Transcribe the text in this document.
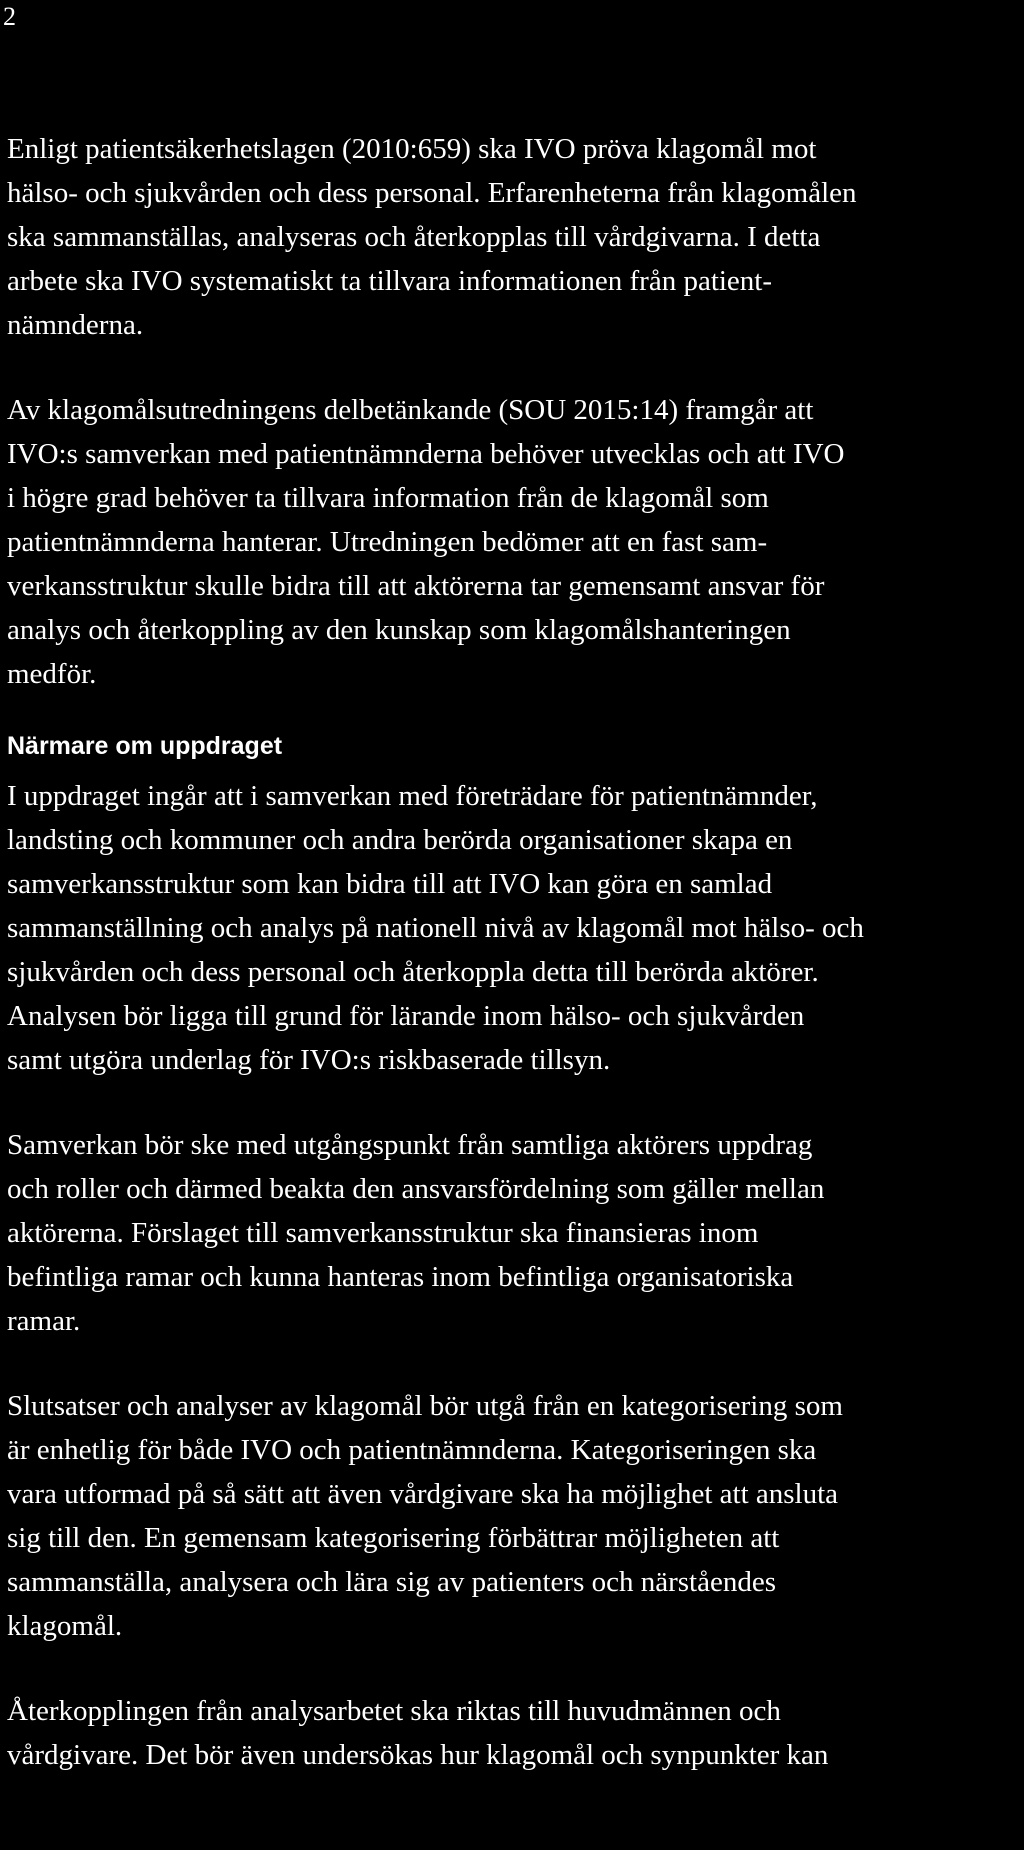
2

Enligt patientsäkerhetslagen (2010:659) ska IVO pröva klagomål mot
hälso- och sjukvården och dess personal. Erfarenheterna från klagomålen
ska sammanställas, analyseras och återkopplas till vårdgivarna. I detta
arbete ska IVO systematiskt ta tillvara informationen från patient-
nämnderna.

Av klagomålsutredningens delbetänkande (SOU 2015:14) framgår att
IVO:s samverkan med patientnämnderna behöver utvecklas och att IVO
i högre grad behöver ta tillvara information från de klagomål som
patientnämnderna hanterar. Utredningen bedömer att en fast sam-
verkansstruktur skulle bidra till att aktörerna tar gemensamt ansvar för
analys och återkoppling av den kunskap som klagomålshanteringen
medför.

Närmare om uppdraget

I uppdraget ingår att i samverkan med företrädare för patientnämnder,
landsting och kommuner och andra berörda organisationer skapa en
samverkansstruktur som kan bidra till att IVO kan göra en samlad
sammanställning och analys på nationell nivå av klagomål mot hälso- och
sjukvården och dess personal och återkoppla detta till berörda aktörer.
Analysen bör ligga till grund för lärande inom hälso- och sjukvården
samt utgöra underlag för IVO:s riskbaserade tillsyn.

Samverkan bör ske med utgångspunkt från samtliga aktörers uppdrag
och roller och därmed beakta den ansvarsfördelning som gäller mellan
aktörerna. Förslaget till samverkansstruktur ska finansieras inom
befintliga ramar och kunna hanteras inom befintliga organisatoriska
ramar.

Slutsatser och analyser av klagomål bör utgå från en kategorisering som
är enhetlig för både IVO och patientnämnderna. Kategoriseringen ska
vara utformad på så sätt att även vårdgivare ska ha möjlighet att ansluta
sig till den. En gemensam kategorisering förbättrar möjligheten att
sammanställa, analysera och lära sig av patienters och närståendes
klagomål.

Återkopplingen från analysarbetet ska riktas till huvudmännen och
vårdgivare. Det bör även undersökas hur klagomål och synpunkter kan
